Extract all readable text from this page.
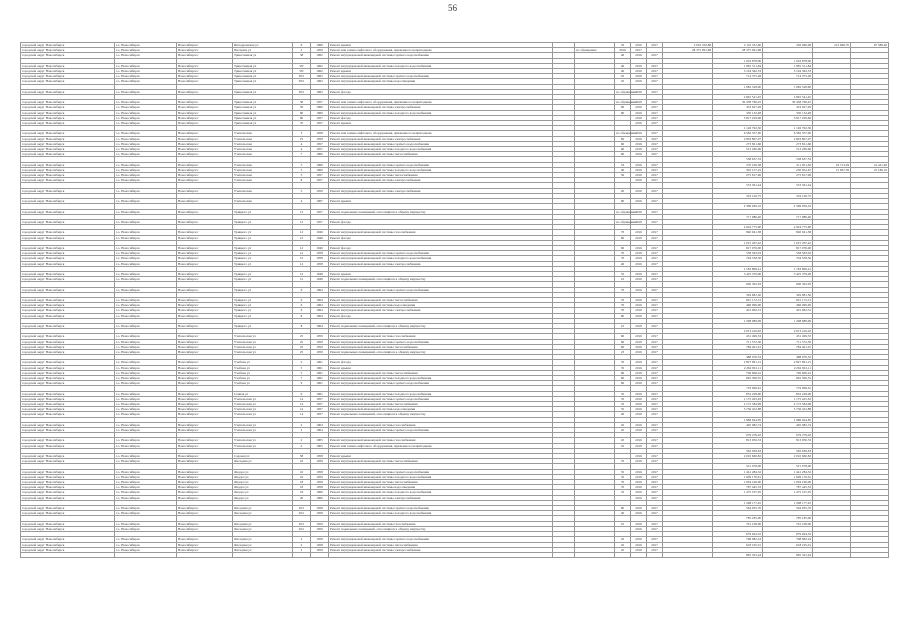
56
городской округ Новосибирск	г.о. Новосибирск	Новосибирск г	Ипподромская ул	6	1960	Ремонт крыши			35	2016	2017	2 916 350,88	2 110 331,60	456 066,08	212 666,70	97 588,40
городской округ Новосибирск	г.о. Новосибирск	Новосибирск г	Писарева ул	2	1959	Ремонт или замена лифтового оборудования, признанного непригодным		по обращению	2016	2017		28 375 091,68	28 375 091,68			
городской округ Новосибирск	г.о. Новосибирск	Новосибирск г	Трикотажная ул	58	1962	Ремонт внутридомовой инженерной системы горячего водоснабжения			40	2016	2017					
													1 016 878,00	1 016 878,00		
городской округ Новосибирск	г.о. Новосибирск	Новосибирск г	Трикотажная ул	58/	1962	Ремонт внутридомовой инженерной системы холодного водоснабжения			40	2016	2017		1 881 511,84	1 881 511,84		
городской округ Новосибирск	г.о. Новосибирск	Новосибирск г	Трикотажная ул	58/	1962	Ремонт крыши			40	2016	2017		3 104 362,53	3 104 362,53		
городской округ Новосибирск	г.о. Новосибирск	Новосибирск г	Трикотажная ул	58/1	1962	Ремонт внутридомовой инженерной системы горячего водоснабжения			45	2016	2017		714 375,28	714 375,28		
городской округ Новосибирск	г.о. Новосибирск	Новосибирск г	Трикотажная ул	58/1	1962	Ремонт внутридомовой инженерной системы водоотведения			45	2016	2017					
													1 082 528,00	1 082 528,00		
городской округ Новосибирск	г.о. Новосибирск	Новосибирск г	Трикотажная ул	58/1	1962	Ремонт фасада			по обращению	2016	2017					
													2 845 541,45	2 845 541,45		
городской округ Новосибирск	г.о. Новосибирск	Новосибирск г	Трикотажная ул	58	1957	Ремонт или замена лифтового оборудования, признанного непригодным			по обращению	2016	2017		30 458 766,45	30 458 766,45		
городской округ Новосибирск	г.о. Новосибирск	Новосибирск г	Трикотажная ул	59	1960	Ремонт внутридомовой инженерной системы электроснабжения			60	2016	2017		453 627,49	453 627,49		
городской округ Новосибирск	г.о. Новосибирск	Новосибирск г	Трикотажная ул	60	1960	Ремонт внутридомовой инженерной системы холодного водоснабжения			60	2016	2017		350 132,48	350 132,48		
городской округ Новосибирск	г.о. Новосибирск	Новосибирск г	Трикотажная ул	60	1957	Ремонт фасада				2016	2017		3 817 229,60	3 817 229,60		
городской округ Новосибирск	г.о. Новосибирск	Новосибирск г	Трикотажная ул	70	1957	Ремонт крыши				2016	2017					
													1 126 702,30	1 126 702,30		
городской округ Новосибирск	г.о. Новосибирск	Новосибирск г	Учительская	3	1958	Ремонт или замена лифтового оборудования, признанного непригодным			по обращению	2016	2017		6 582 357,00	6 582 357,00		
городской округ Новосибирск	г.о. Новосибирск	Новосибирск г	Учительская	19	1958	Ремонт внутридомовой инженерной системы электроснабжения			60	2016	2017		2 803 807,07	2 803 807,07		
городской округ Новосибирск	г.о. Новосибирск	Новосибирск г	Учительская	4	1957	Ремонт внутридомовой инженерной системы горячего водоснабжения			60	2016	2017		273 821,66	273 821,66		
городской округ Новосибирск	г.о. Новосибирск	Новосибирск г	Учительская	4	1957	Ремонт внутридомовой инженерной системы холодного водоснабжения			60	2016	2017		513 260,90	513 260,90		
городской округ Новосибирск	г.о. Новосибирск	Новосибирск г	Учительская	7	1960	Ремонт внутридомовой инженерной системы теплоснабжения			60	2016	2017					
													538 637,53	538 637,53		
городской округ Новосибирск	г.о. Новосибирск	Новосибирск г	Учительская	5	1960	Ремонт внутридомовой инженерной системы горячего водоснабжения			53	2016	2017		270 106,38	211 951,63	16 713,29	41 441,46
городской округ Новосибирск	г.о. Новосибирск	Новосибирск г	Учительская	5	1960	Ремонт внутридомовой инженерной системы холодного водоснабжения			40	2016	2017		302 157,25	230 052,67	15 907,39	47 186,19
городской округ Новосибирск	г.о. Новосибирск	Новосибирск г	Учительская	5	1957	Ремонт внутридомовой инженерной системы теплоснабжения			50	2016	2017		275 817,06	275 817,06		
городской округ Новосибирск	г.о. Новосибирск	Новосибирск г	Учительская	8	1957	Ремонт внутридомовой инженерной системы электроснабжения				2016	2017					
													553 361,44	553 361,44		
городской округ Новосибирск	г.о. Новосибирск	Новосибирск г	Учительская	5	1959	Ремонт внутридомовой инженерной системы электроснабжения			20	2016	2017					
													319 126,75	319 126,75		
городской округ Новосибирск	г.о. Новосибирск	Новосибирск г	Учительская	4	1967	Ремонт крыши			60	2016	2017					
													2 369 939,16	2 369 939,16		
городской округ Новосибирск	г.о. Новосибирск	Новосибирск г	Урицкого ул	13	1957	Ремонт подвальных помещений, относящихся к общему имуществу			по обращению	2016	2017					
													717 986,40	717 986,40		
городской округ Новосибирск	г.о. Новосибирск	Новосибирск г	Урицкого ул	13	1957	Ремонт фасада			по обращению	2016	2017					
													2 924 775,60	2 924 775,60		
городской округ Новосибирск	г.о. Новосибирск	Новосибирск г	Урицкого ул	12	1946	Ремонт внутридомовой инженерной системы газоснабжения			70	2016	2017		840 041,38	840 041,38		
городской округ Новосибирск	г.о. Новосибирск	Новосибирск г	Урицкого ул	12	1946	Ремонт фасада			60	2016	2017					
													1 015 267,42	1 015 267,42		
городской округ Новосибирск	г.о. Новосибирск	Новосибирск г	Урицкого ул	12	1946	Ремонт фасада			60	2016	2017		817 076,00	817 076,00		
городской округ Новосибирск	г.о. Новосибирск	Новосибирск г	Урицкого ул	12	1958	Ремонт внутридомовой инженерной системы горячего водоснабжения			70	2016	2017		558 563,03	558 563,03		
городской округ Новосибирск	г.о. Новосибирск	Новосибирск г	Урицкого ул	12	1958	Ремонт внутридомовой инженерной системы холодного водоснабжения			70	2016	2017		704 558,50	704 558,50		
городской округ Новосибирск	г.о. Новосибирск	Новосибирск г	Урицкого ул	12	1958	Ремонт внутридомовой инженерной системы электроснабжения			40	2016	2017					
													1 183 806,41	1 183 806,41		
городской округ Новосибирск	г.о. Новосибирск	Новосибирск г	Урицкого ул	12	1948	Ремонт крыши			35	2016	2017		3 425 379,06	3 425 379,06		
городской округ Новосибирск	г.о. Новосибирск	Новосибирск г	Урицкого ул	12	1948	Ремонт подвальных помещений, относящихся к общему имуществу			10	2016	2017					
													600 302,93	600 302,93		
городской округ Новосибирск	г.о. Новосибирск	Новосибирск г	Урицкого ул	6	1964	Ремонт внутридомовой инженерной системы горячего водоснабжения			70	2016	2017					
													329 981,50	329 981,50		
городской округ Новосибирск	г.о. Новосибирск	Новосибирск г	Урицкого ул	6	1964	Ремонт внутридомовой инженерной системы теплоснабжения			70	2016	2017		691 172,31	691 172,31		
городской округ Новосибирск	г.о. Новосибирск	Новосибирск г	Урицкого ул	6	1964	Ремонт внутридомовой инженерной системы водоотведения			70	2016	2017		466 096,00	466 096,00		
городской округ Новосибирск	г.о. Новосибирск	Новосибирск г	Урицкого ул	6	1964	Ремонт внутридомовой инженерной системы электроснабжения			70	2016	2017		401 962,31	401 962,31		
городской округ Новосибирск	г.о. Новосибирск	Новосибирск г	Урицкого ул	8	1964	Ремонт фасада			60	2016	2017					
													1 298 689,99	1 298 689,99		
городской округ Новосибирск	г.о. Новосибирск	Новосибирск г	Урицкого ул	8	1964	Ремонт подвальных помещений, относящихся к общему имуществу			10	2016	2017					
													2 013 416,02	2 013 416,02		
городской округ Новосибирск	г.о. Новосибирск	Новосибирск г	Учительская ул	25	1959	Ремонт внутридомовой инженерной системы газоснабжения			60	2016	2017		451 499,33	451 499,33		
городской округ Новосибирск	г.о. Новосибирск	Новосибирск г	Учительская ул	25	1959	Ремонт внутридомовой инженерной системы горячего водоснабжения			60	2016	2017		711 572,30	711 572,30		
городской округ Новосибирск	г.о. Новосибирск	Новосибирск г	Учительская ул	25	1959	Ремонт внутридомовой инженерной системы теплоснабжения			60	2016	2017		784 401,91	784 401,91		
городской округ Новосибирск	г.о. Новосибирск	Новосибирск г	Учительская ул	25	1959	Ремонт подвальных помещений, относящихся к общему имуществу			23	2016	2017					
													488 076,33	488 076,33		
городской округ Новосибирск	г.о. Новосибирск	Новосибирск г	Учебная ул	2	1961	Ремонт фасада			35	2016	2017		2 827 091,15	2 827 091,15		
городской округ Новосибирск	г.о. Новосибирск	Новосибирск г	Учебная ул	5	1961	Ремонт крыши			35	2016	2017		2 262 901,11	2 262 901,11		
городской округ Новосибирск	г.о. Новосибирск	Новосибирск г	Учебная ул	5	1961	Ремонт внутридомовой инженерной системы теплоснабжения			60	2016	2017		706 606,22	706 606,22		
городской округ Новосибирск	г.о. Новосибирск	Новосибирск г	Учебная ул	7	1961	Ремонт внутридомовой инженерной системы холодного водоснабжения			60	2016	2017		845 506,55	845 506,55		
городской округ Новосибирск	г.о. Новосибирск	Новосибирск г	Учебная ул	9	1961	Ремонт внутридомовой инженерной системы горячего водоснабжения			60	2016	2017					
													719 069,61	719 069,61		
городской округ Новосибирск	г.о. Новосибирск	Новосибирск г	Сенная ул	9	1961	Ремонт внутридомовой инженерной системы холодного водоснабжения			35	2016	2017		852 228,00	852 228,00		
городской округ Новосибирск	г.о. Новосибирск	Новосибирск г	Учительская ул	14	1957	Ремонт внутридомовой инженерной системы горячего водоснабжения			35	2016	2017		1 175 425,63	1 175 425,63		
городской округ Новосибирск	г.о. Новосибирск	Новосибирск г	Учительская ул	14	1957	Ремонт внутридомовой инженерной системы теплоснабжения			35	2016	2017		2 172 584,99	2 172 584,99		
городской округ Новосибирск	г.о. Новосибирск	Новосибирск г	Учительская ул	14	1957	Ремонт внутридомовой инженерной системы водоотведения			35	2016	2017		5 736 452,88	5 736 452,88		
городской округ Новосибирск	г.о. Новосибирск	Новосибирск г	Учительская ул	14	1957	Ремонт подвальных помещений, относящихся к общему имуществу			40	2016	2017					
													1 986 944,85	1 986 944,85		
городской округ Новосибирск	г.о. Новосибирск	Новосибирск г	Учительская ул	2	1904	Ремонт внутридомовой инженерной системы газоснабжения			45	2016	2017		405 082,74	405 082,74		
городской округ Новосибирск	г.о. Новосибирск	Новосибирск г	Учительская ул	2	1904	Ремонт внутридомовой инженерной системы горячего водоснабжения			45	2016	2017					
													679 279,02	679 279,02		
городской округ Новосибирск	г.о. Новосибирск	Новосибирск г	Учительская ул	2	1905	Ремонт внутридомовой инженерной системы газоснабжения			45	2016	2017		813 050,53	813 050,53		
городской округ Новосибирск	г.о. Новосибирск	Новосибирск г	Учительская ул	2	1905	Ремонт или замена лифтового оборудования, признанного непригодным			45	2016	2017					
													562 939,63	562 939,63		
городской округ Новосибирск	г.о. Новосибирск	Новосибирск г	Садовая ул	58	1958	Ремонт крыши				2016	2017		2 010 660,82	2 010 660,82		
городской округ Новосибирск	г.о. Новосибирск	Новосибирск г	Фасадная ул	16	1958	Ремонт внутридомовой инженерной системы теплоснабжения			70	2016	2017					
													521 078,00	521 078,00		
городской округ Новосибирск	г.о. Новосибирск	Новосибирск г	Федора ул	16	1958	Ремонт внутридомовой инженерной системы горячего водоснабжения			35	2016	2017		1 441 284,32	1 441 284,32		
городской округ Новосибирск	г.о. Новосибирск	Новосибирск г	Федора ул	16	1959	Ремонт внутридомовой инженерной системы холодного водоснабжения			35	2016	2017		1 609 176,61	1 609 176,61		
городской округ Новосибирск	г.о. Новосибирск	Новосибирск г	Федора ул	18	1959	Ремонт внутридомовой инженерной системы теплоснабжения			70	2016	2017		1 004 196,00	1 004 196,00		
городской округ Новосибирск	г.о. Новосибирск	Новосибирск г	Федора ул	18	1958	Ремонт внутридомовой инженерной системы водоотведения			70	2016	2017		787 445,33	787 445,33		
городской округ Новосибирск	г.о. Новосибирск	Новосибирск г	Федора ул	18	1960	Ремонт внутридомовой инженерной системы холодного водоснабжения			35	2016	2017		1 475 197,05	1 475 197,05		
городской округ Новосибирск	г.о. Новосибирск	Новосибирск г	Федора ул	20	1960	Ремонт внутридомовой инженерной системы электроснабжения				2016	2017					
													1 298 177,45	1 298 177,45		
городской округ Новосибирск	г.о. Новосибирск	Новосибирск г	Фасадная ул	29/1	1958	Ремонт внутридомовой инженерной системы горячего водоснабжения			60	2016	2017		564 035,70	564 035,70		
городской округ Новосибирск	г.о. Новосибирск	Новосибирск г	Фасадная ул	29/1	1958	Ремонт внутридомовой инженерной системы холодного водоснабжения			40	2016	2017					
													785 185,00	785 185,00		
городской округ Новосибирск	г.о. Новосибирск	Новосибирск г	Фасадная ул	29/1	1959	Ремонт внутридомовой инженерной системы газоснабжения			25	2016	2017		761 108,00	761 108,00		
городской округ Новосибирск	г.о. Новосибирск	Новосибирск г	Фасадная ул	29/1	1959	Ремонт подвальных помещений, относящихся к общему имуществу				2016	2017					
													679 944,32	679 944,32		
городской округ Новосибирск	г.о. Новосибирск	Новосибирск г	Фасадная ул	2	1958	Ремонт внутридомовой инженерной системы горячего водоснабжения			45	2016	2017		768 082,24	768 082,24		
городской округ Новосибирск	г.о. Новосибирск	Новосибирск г	Фасадная ул	2	1958	Ремонт внутридомовой инженерной системы теплоснабжения			45	2016	2017		618 195,01	618 195,01		
городской округ Новосибирск	г.о. Новосибирск	Новосибирск г	Фасадная ул	2	1959	Ремонт внутридомовой инженерной системы электроснабжения			45	2016	2017					
													865 325,44	865 325,44		
